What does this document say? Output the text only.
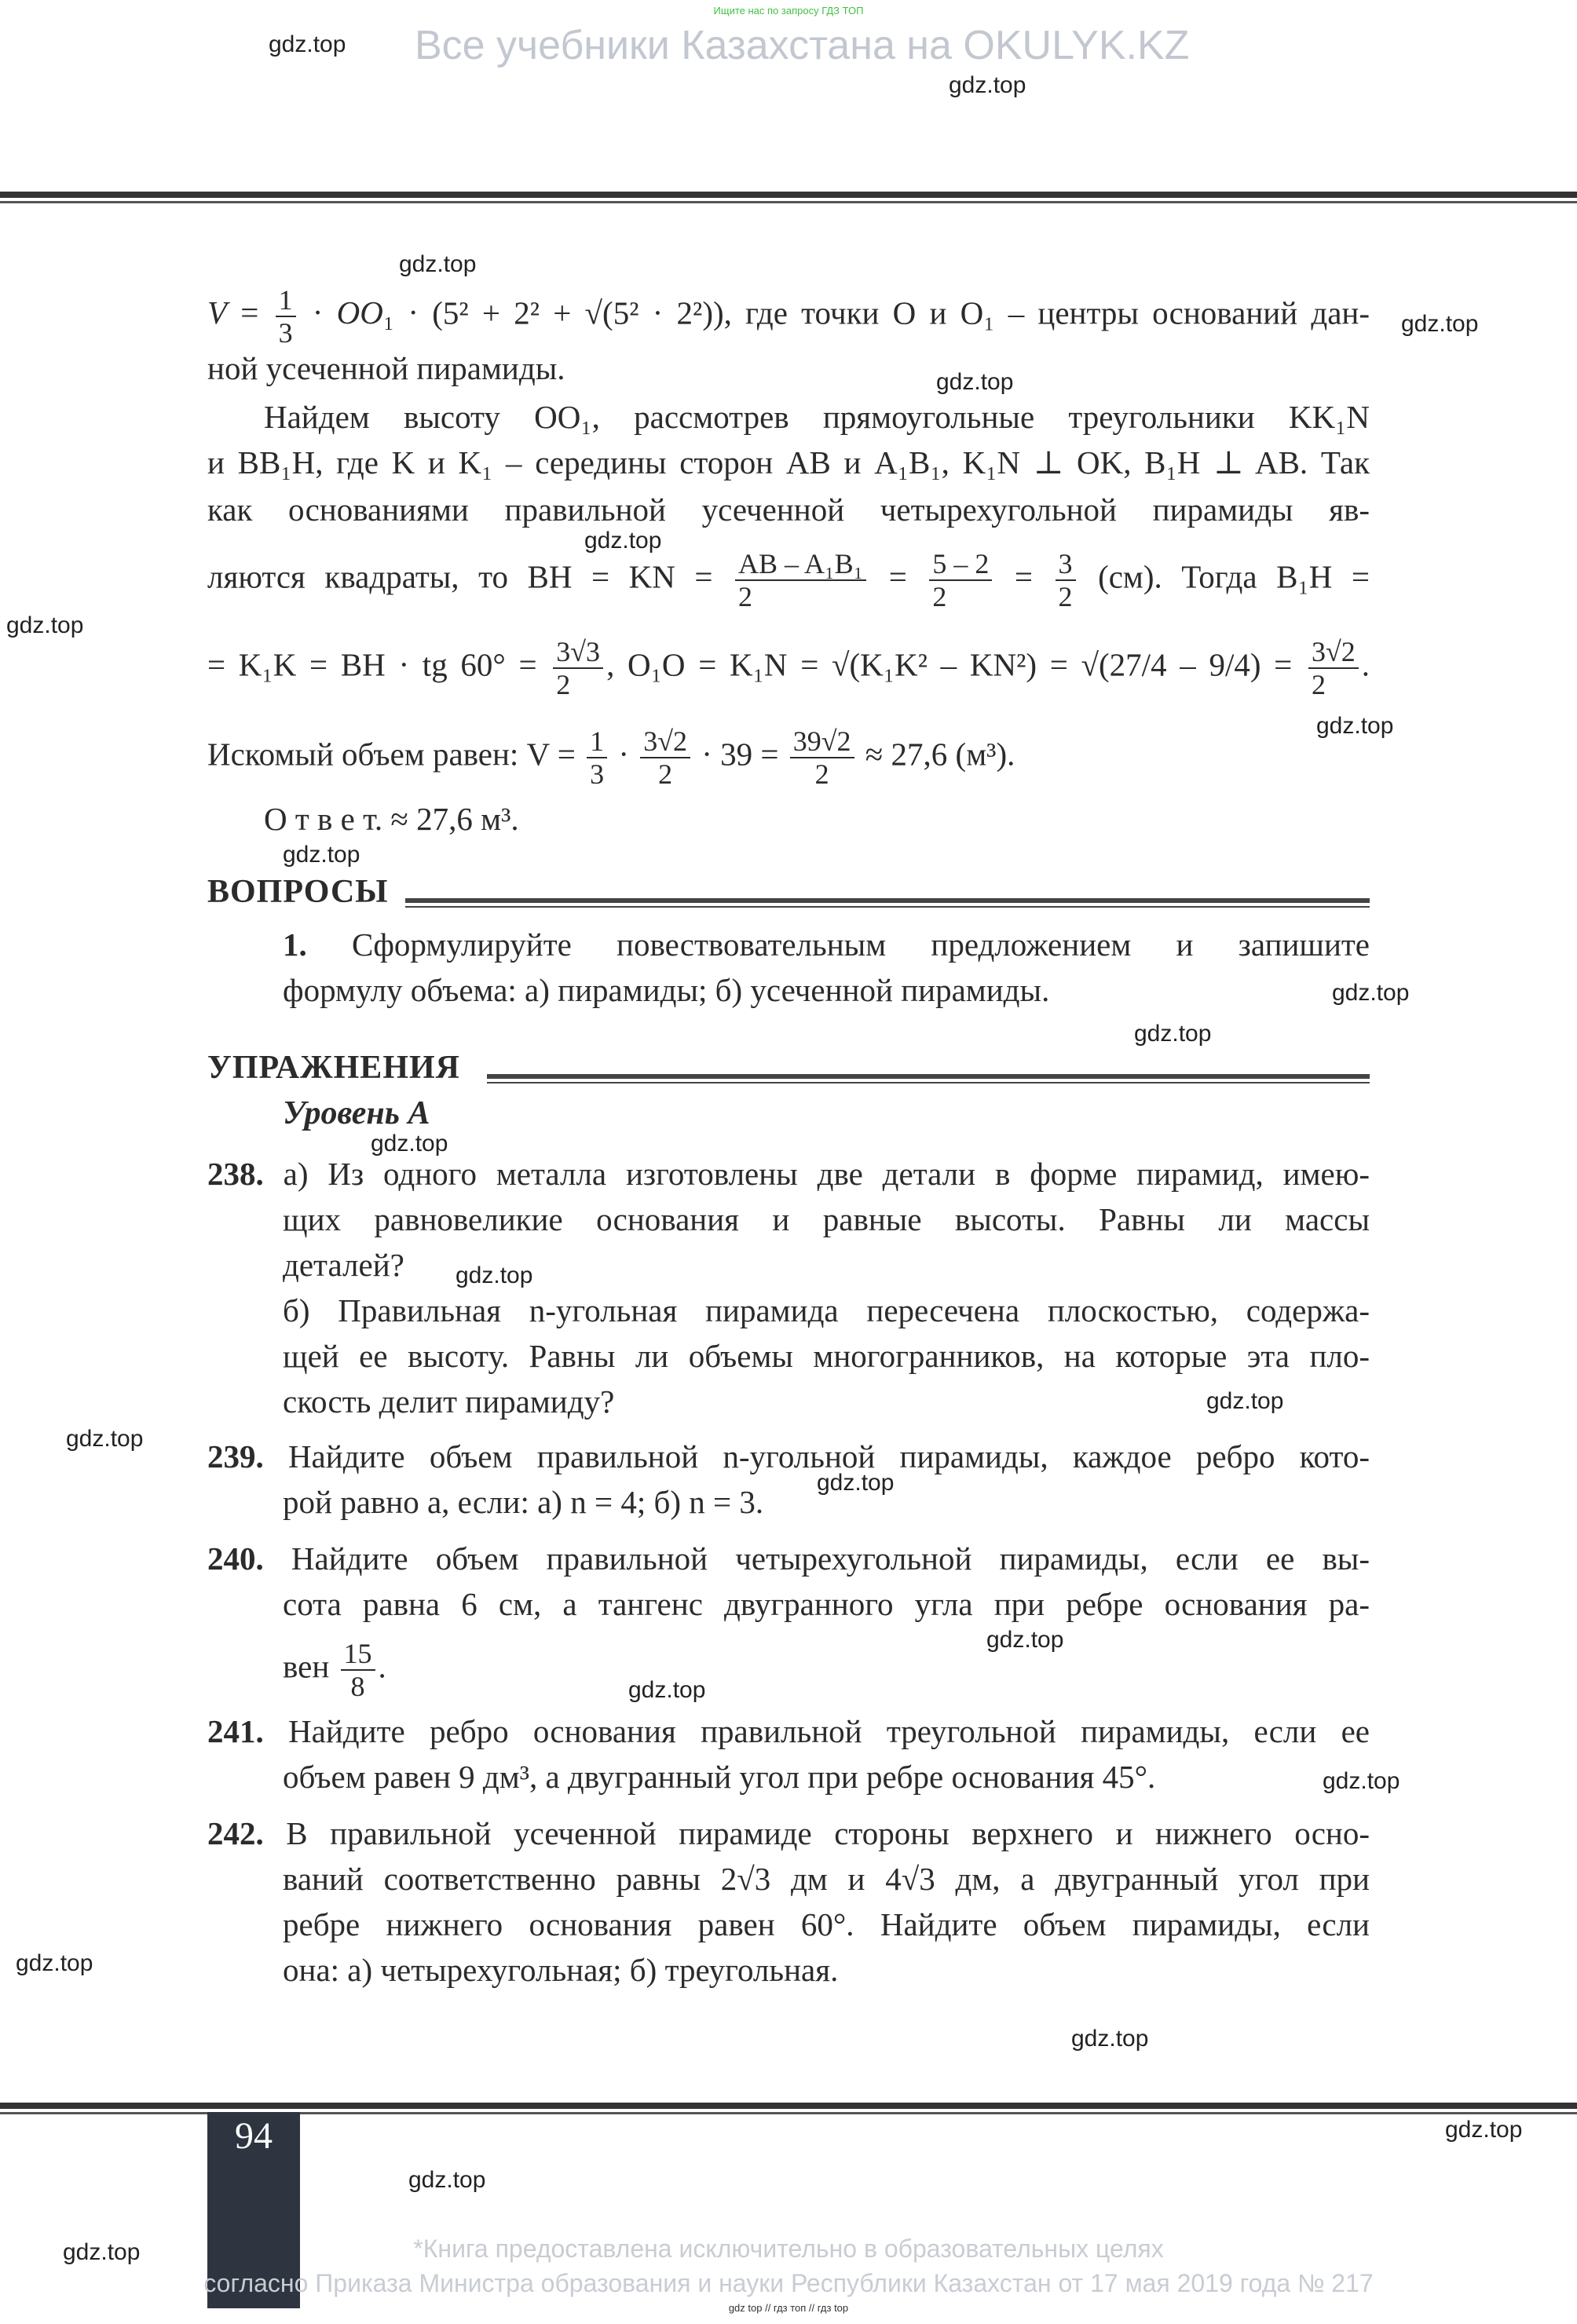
Ищите нас по запросу ГДЗ ТОП
Все учебники Казахстана на OKULYK.KZ
gdz.top
gdz.top
gdz.top
gdz.top
gdz.top
gdz.top
gdz.top
gdz.top
gdz.top
gdz.top
gdz.top
gdz.top
gdz.top
gdz.top
gdz.top
gdz.top
gdz.top
gdz.top
gdz.top
gdz.top
gdz.top
gdz.top
gdz.top
gdz.top
$V = \frac{1}{3} \cdot OO_1 \cdot (5^2 + 2^2 + √(5^2 \cdot 2^2))$, где точки O и O₁ – центры оснований дан-
ной усеченной пирамиды.
Найдем высоту OO₁, рассмотрев прямоугольные треугольники KK₁N
и BB₁H, где K и K₁ – середины сторон AB и A₁B₁, K₁N ⊥ OK, B₁H ⊥ AB. Так
как основаниями правильной усеченной четырехугольной пирамиды яв-
ляются квадраты, то BH = KN = $\frac{\text{AB – A₁B₁}}{2} = \frac{5 - 2}{2} = \frac{3}{2} (см)$. Тогда B₁H =
= K₁K = BH · tg $60^\circ = \frac{3√3}{2}$ , $O_1O = K_1N = √(K_1K^2 - KN^2) = √(27/4 - 9/4) = \frac{3√2}{2}$ .
Искомый объем равен: $V = \frac{1}{3} \cdot \frac{3√2}{2} \cdot 39 = \frac{39√2}{2} \approx 27,6$ (м³).
О т в е т. ≈ 27,6 м³.
ВОПРОСЫ
1. Сформулируйте повествовательным предложением и запишите
формулу объема: а) пирамиды; б) усеченной пирамиды.
УПРАЖНЕНИЯ
Уровень А
238. а) Из одного металла изготовлены две детали в форме пирамид, имею-
щих равновеликие основания и равные высоты. Равны ли массы
деталей?
б) Правильная n-угольная пирамида пересечена плоскостью, содержа-
щей ее высоту. Равны ли объемы многогранников, на которые эта пло-
скость делит пирамиду?
239. Найдите объем правильной n-угольной пирамиды, каждое ребро кото-
рой равно a, если: а) n = 4; б) n = 3.
240. Найдите объем правильной четырехугольной пирамиды, если ее вы-
сота равна 6 см, а тангенс двугранного угла при ребре основания ра-
вен $\frac{15}{8}$ .
241. Найдите ребро основания правильной треугольной пирамиды, если ее
объем равен 9 дм³, а двугранный угол при ребре основания 45°.
242. В правильной усеченной пирамиде стороны верхнего и нижнего осно-
ваний соответственно равны 2√3 дм и 4√3 дм, а двугранный угол при
ребре нижнего основания равен 60°. Найдите объем пирамиды, если
она: а) четырехугольная; б) треугольная.
94
*Книга предоставлена исключительно в образовательных целях
согласно Приказа Министра образования и науки Республики Казахстан от 17 мая 2019 года № 217
gdz top // гдз топ // гдз top
